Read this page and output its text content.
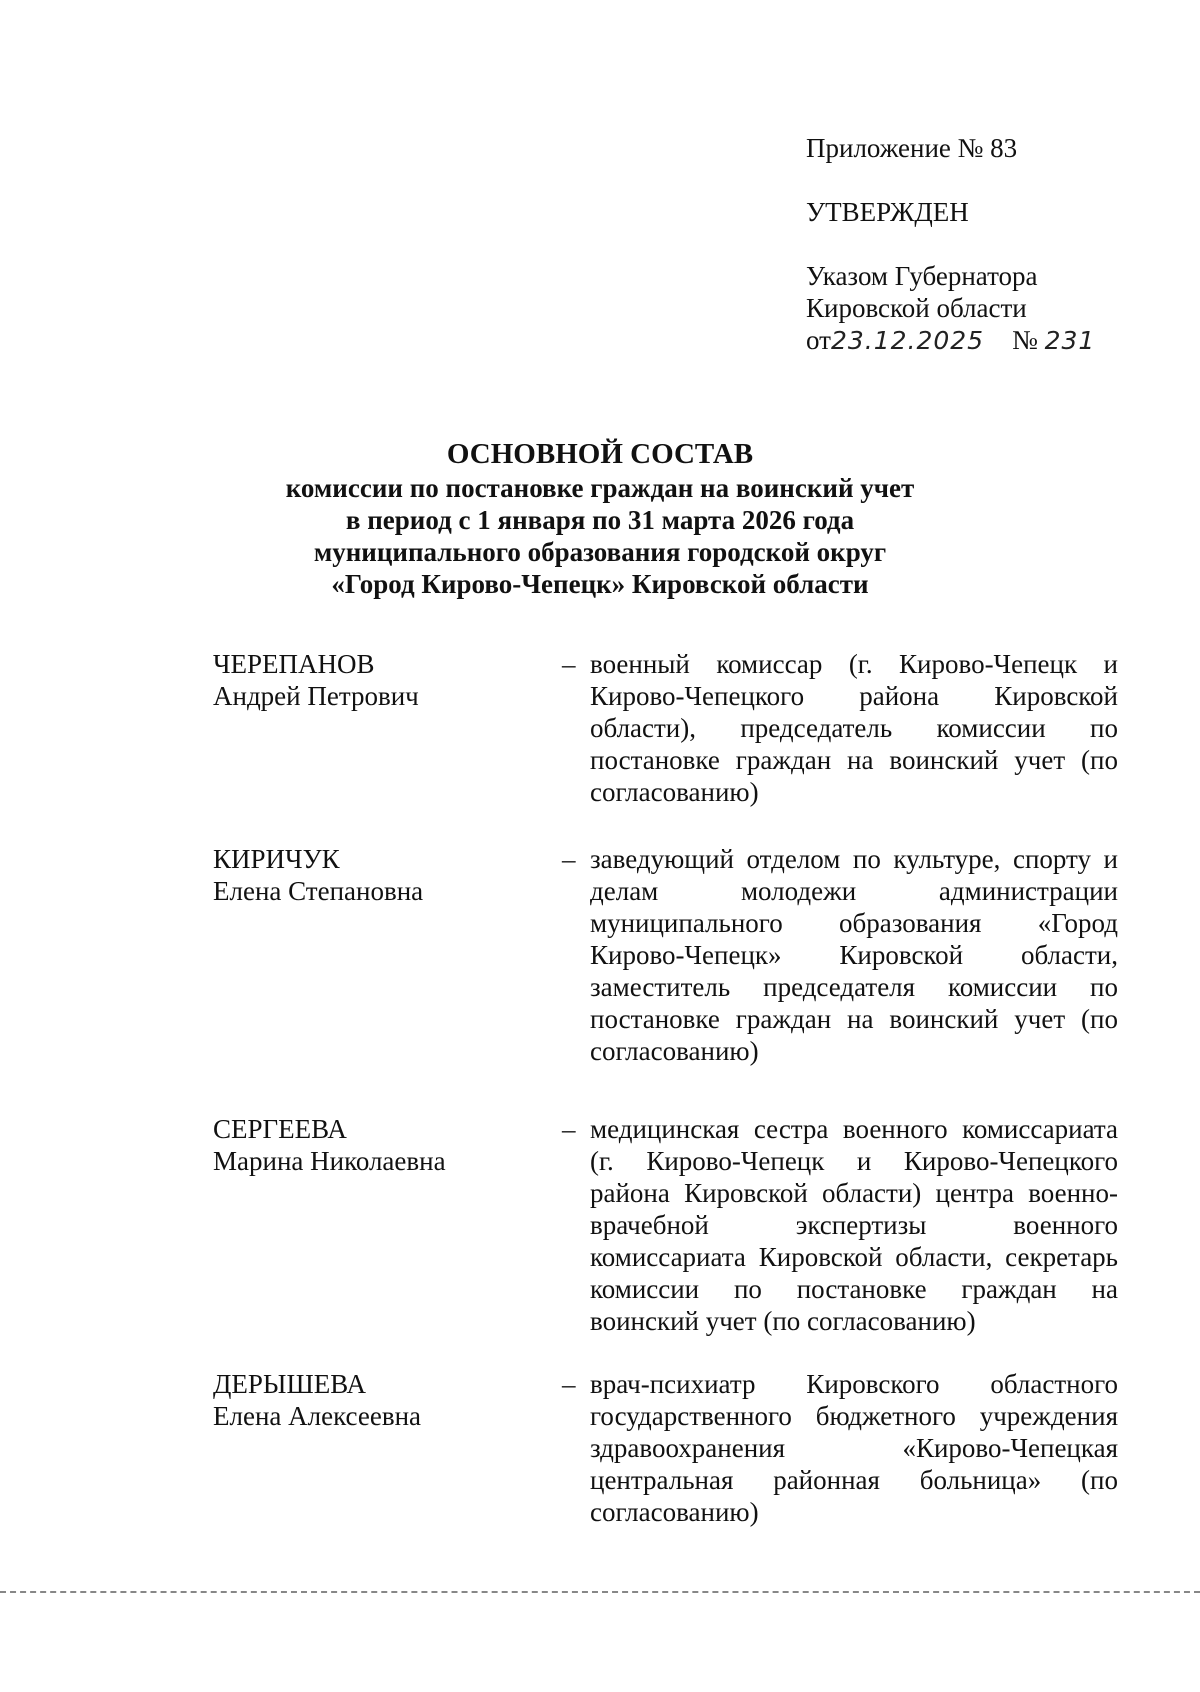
Приложение № 83
УТВЕРЖДЕН
Указом Губернатора
Кировской области
от23.12.2025 № 231
ОСНОВНОЙ СОСТАВ
комиссии по постановке граждан на воинский учет
в период с 1 января по 31 марта 2026 года
муниципального образования городской округ
«Город Кирово-Чепецк» Кировской области
ЧЕРЕПАНОВ
Андрей Петрович
– военный комиссар (г. Кирово-Чепецк и Кирово-Чепецкого района Кировской области), председатель комиссии по постановке граждан на воинский учет (по согласованию)
КИРИЧУК
Елена Степановна
– заведующий отделом по культуре, спорту и делам молодежи администрации муниципального образования «Город Кирово-Чепецк» Кировской области, заместитель председателя комиссии по постановке граждан на воинский учет (по согласованию)
СЕРГЕЕВА
Марина Николаевна
– медицинская сестра военного комиссариата (г. Кирово-Чепецк и Кирово-Чепецкого района Кировской области) центра военно-врачебной экспертизы военного комиссариата Кировской области, секретарь комиссии по постановке граждан на воинский учет (по согласованию)
ДЕРЫШЕВА
Елена Алексеевна
– врач-психиатр Кировского областного государственного бюджетного учреждения здравоохранения «Кирово-Чепецкая центральная районная больница» (по согласованию)
